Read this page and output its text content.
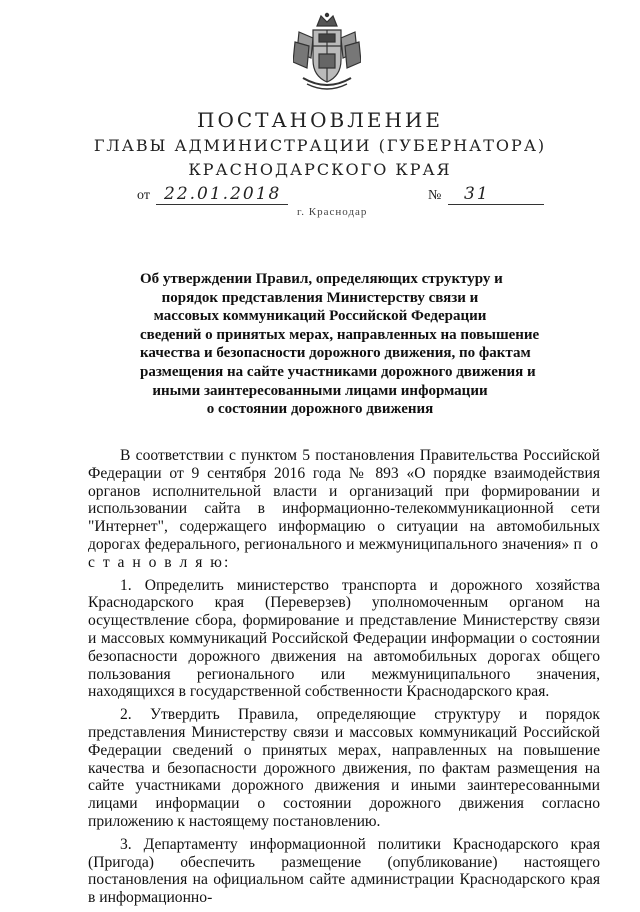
ПОСТАНОВЛЕНИЕ
ГЛАВЫ АДМИНИСТРАЦИИ (ГУБЕРНАТОРА)
КРАСНОДАРСКОГО КРАЯ
от 22.01.2018	№	31
г. Краснодар
Об утверждении Правил, определяющих структуру и
порядок представления Министерству связи и
массовых коммуникаций Российской Федерации
сведений о принятых мерах, направленных на повышение
качества и безопасности дорожного движения, по фактам
размещения на сайте участниками дорожного движения и
иными заинтересованными лицами информации
о состоянии дорожного движения

В соответствии с пунктом 5 постановления Правительства Российской Федерации от 9 сентября 2016 года № 893 «О порядке взаимодействия органов исполнительной власти и организаций при формировании и использовании сайта в информационно-телекоммуникационной сети "Интернет", содержащего информацию о ситуации на автомобильных дорогах федерального, регионального и межмуниципального значения» п о с т а н о в л я ю:

1. Определить министерство транспорта и дорожного хозяйства Краснодарского края (Переверзев) уполномоченным органом на осуществление сбора, формирование и представление Министерству связи и массовых коммуникаций Российской Федерации информации о состоянии безопасности дорожного движения на автомобильных дорогах общего пользования регионального или межмуниципального значения, находящихся в государственной собственности Краснодарского края.

2. Утвердить Правила, определяющие структуру и порядок представления Министерству связи и массовых коммуникаций Российской Федерации сведений о принятых мерах, направленных на повышение качества и безопасности дорожного движения, по фактам размещения на сайте участниками дорожного движения и иными заинтересованными лицами информации о состоянии дорожного движения согласно приложению к настоящему постановлению.

3. Департаменту информационной политики Краснодарского края (Пригода) обеспечить размещение (опубликование) настоящего постановления на официальном сайте администрации Краснодарского края в информационно-
